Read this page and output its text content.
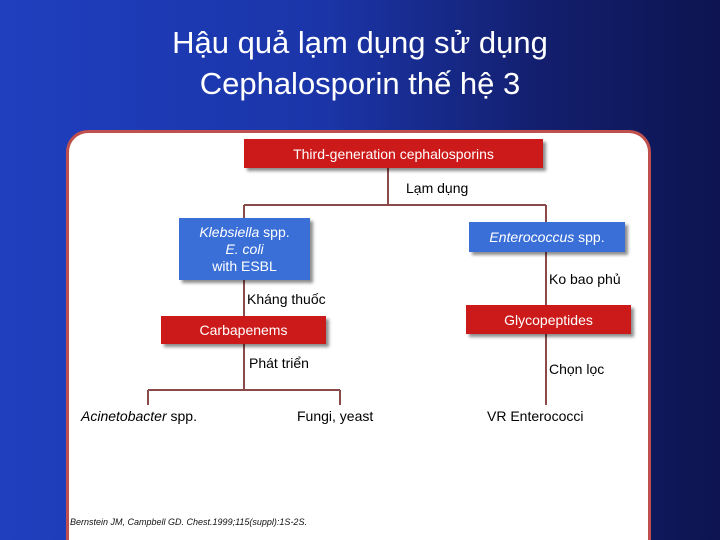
Hậu quả lạm dụng sử dụng
Cephalosporin thế hệ 3
Third-generation cephalosporins
Lạm dụng
Klebsiella spp.
E. coli
with ESBL
Enterococcus spp.
Ko bao phủ
Kháng thuốc
Carbapenems
Glycopeptides
Phát triển	Chọn lọc
Acinetobacter spp.	Fungi, yeast	VR Enterococci
Bernstein JM, Campbell GD. Chest.1999;115(suppl):1S-2S.
